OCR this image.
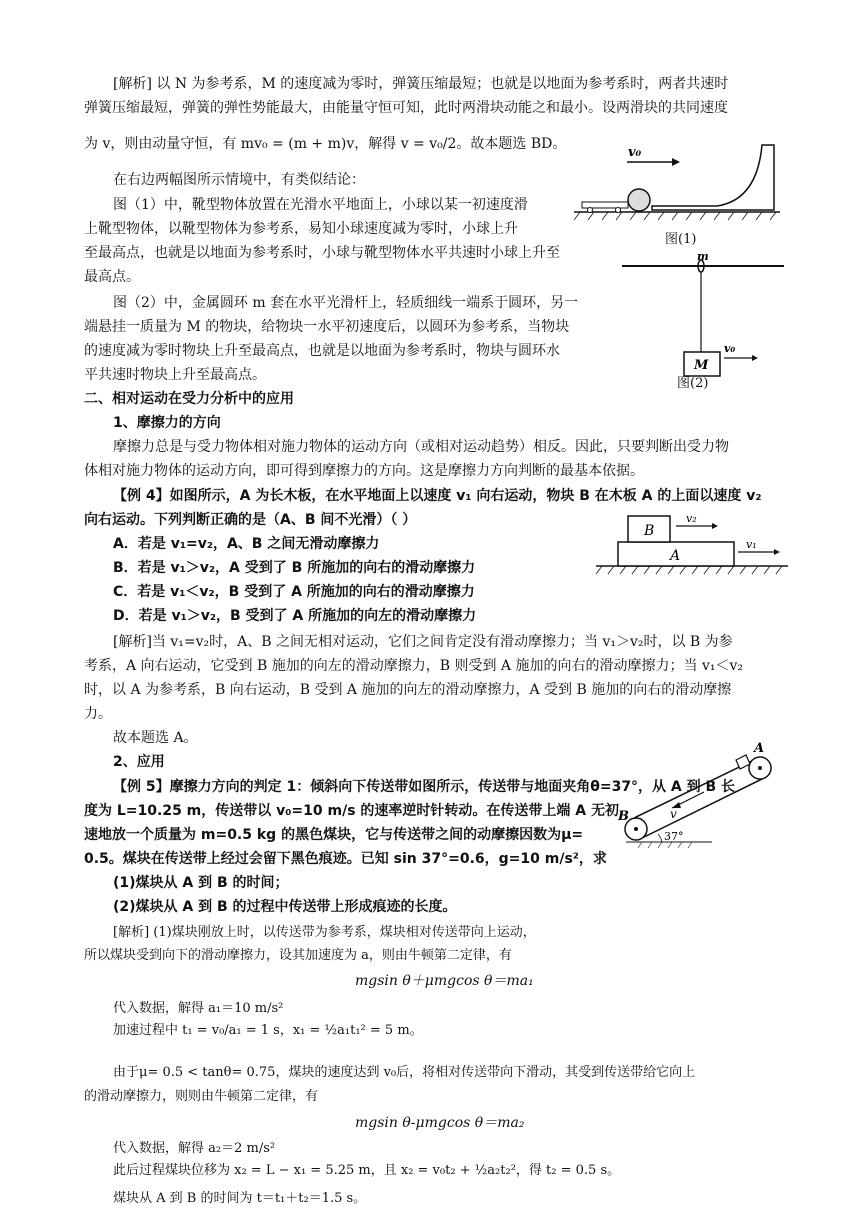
[解析] 以 N 为参考系，M 的速度减为零时，弹簧压缩最短；也就是以地面为参考系时，两者共速时
弹簧压缩最短，弹簧的弹性势能最大，由能量守恒可知，此时两滑块动能之和最小。设两滑块的共同速度
为 v，则由动量守恒，有 mv₀ = (m + m)v，解得 v = v₀/2。故本题选 BD。
在右边两幅图所示情境中，有类似结论：
图（1）中，靴型物体放置在光滑水平地面上，小球以某一初速度滑
上靴型物体，以靴型物体为参考系，易知小球速度减为零时，小球上升
至最高点，也就是以地面为参考系时，小球与靴型物体水平共速时小球上升至
最高点。
图（2）中，金属圆环 m 套在水平光滑杆上，轻质细线一端系于圆环，另一
端悬挂一质量为 M 的物块，给物块一水平初速度后，以圆环为参考系，当物块
的速度减为零时物块上升至最高点，也就是以地面为参考系时，物块与圆环水
平共速时物块上升至最高点。
二、相对运动在受力分析中的应用
1、摩擦力的方向
摩擦力总是与受力物体相对施力物体的运动方向（或相对运动趋势）相反。因此，只要判断出受力物
体相对施力物体的运动方向，即可得到摩擦力的方向。这是摩擦力方向判断的最基本依据。
【例 4】如图所示，A 为长木板，在水平地面上以速度 v₁ 向右运动，物块 B 在木板 A 的上面以速度 v₂
向右运动。下列判断正确的是（A、B 间不光滑）（ ）
A．若是 v₁=v₂，A、B 之间无滑动摩擦力
B．若是 v₁＞v₂，A 受到了 B 所施加的向右的滑动摩擦力
C．若是 v₁＜v₂，B 受到了 A 所施加的向右的滑动摩擦力
D．若是 v₁＞v₂，B 受到了 A 所施加的向左的滑动摩擦力
[解析]当 v₁=v₂时，A、B 之间无相对运动，它们之间肯定没有滑动摩擦力；当 v₁＞v₂时，以 B 为参
考系，A 向右运动，它受到 B 施加的向左的滑动摩擦力，B 则受到 A 施加的向右的滑动摩擦力；当 v₁＜v₂
时，以 A 为参考系，B 向右运动，B 受到 A 施加的向左的滑动摩擦力，A 受到 B 施加的向右的滑动摩擦
力。
故本题选 A。
2、应用
【例 5】摩擦力方向的判定 1：倾斜向下传送带如图所示，传送带与地面夹角θ=37°，从 A 到 B 长
度为 L=10.25 m，传送带以 v₀=10 m/s 的速率逆时针转动。在传送带上端 A 无初
速地放一个质量为 m=0.5 kg 的黑色煤块，它与传送带之间的动摩擦因数为μ=
0.5。煤块在传送带上经过会留下黑色痕迹。已知 sin 37°=0.6，g=10 m/s²，求
(1)煤块从 A 到 B 的时间；
(2)煤块从 A 到 B 的过程中传送带上形成痕迹的长度。
[解析] (1)煤块刚放上时，以传送带为参考系，煤块相对传送带向上运动，
所以煤块受到向下的滑动摩擦力，设其加速度为 a，则由牛顿第二定律，有
mgsin θ＋μmgcos θ＝ma₁
代入数据，解得 a₁＝10 m/s²
加速过程中 t₁ = v₀/a₁ = 1 s，x₁ = ½a₁t₁² = 5 m。
由于μ= 0.5 < tanθ= 0.75，煤块的速度达到 v₀后，将相对传送带向下滑动，其受到传送带给它向上
的滑动摩擦力，则则由牛顿第二定律，有
mgsin θ-μmgcos θ＝ma₂
代入数据，解得 a₂＝2 m/s²
此后过程煤块位移为 x₂ = L − x₁ = 5.25 m，且 x₂ = v₀t₂ + ½a₂t₂²，得 t₂ = 0.5 s。
煤块从 A 到 B 的时间为 t＝t₁＋t₂＝1.5 s。
v₀
图(1)
m
M
v₀
图(2)
A
B
v₂
v₁
A
B	v
37°
